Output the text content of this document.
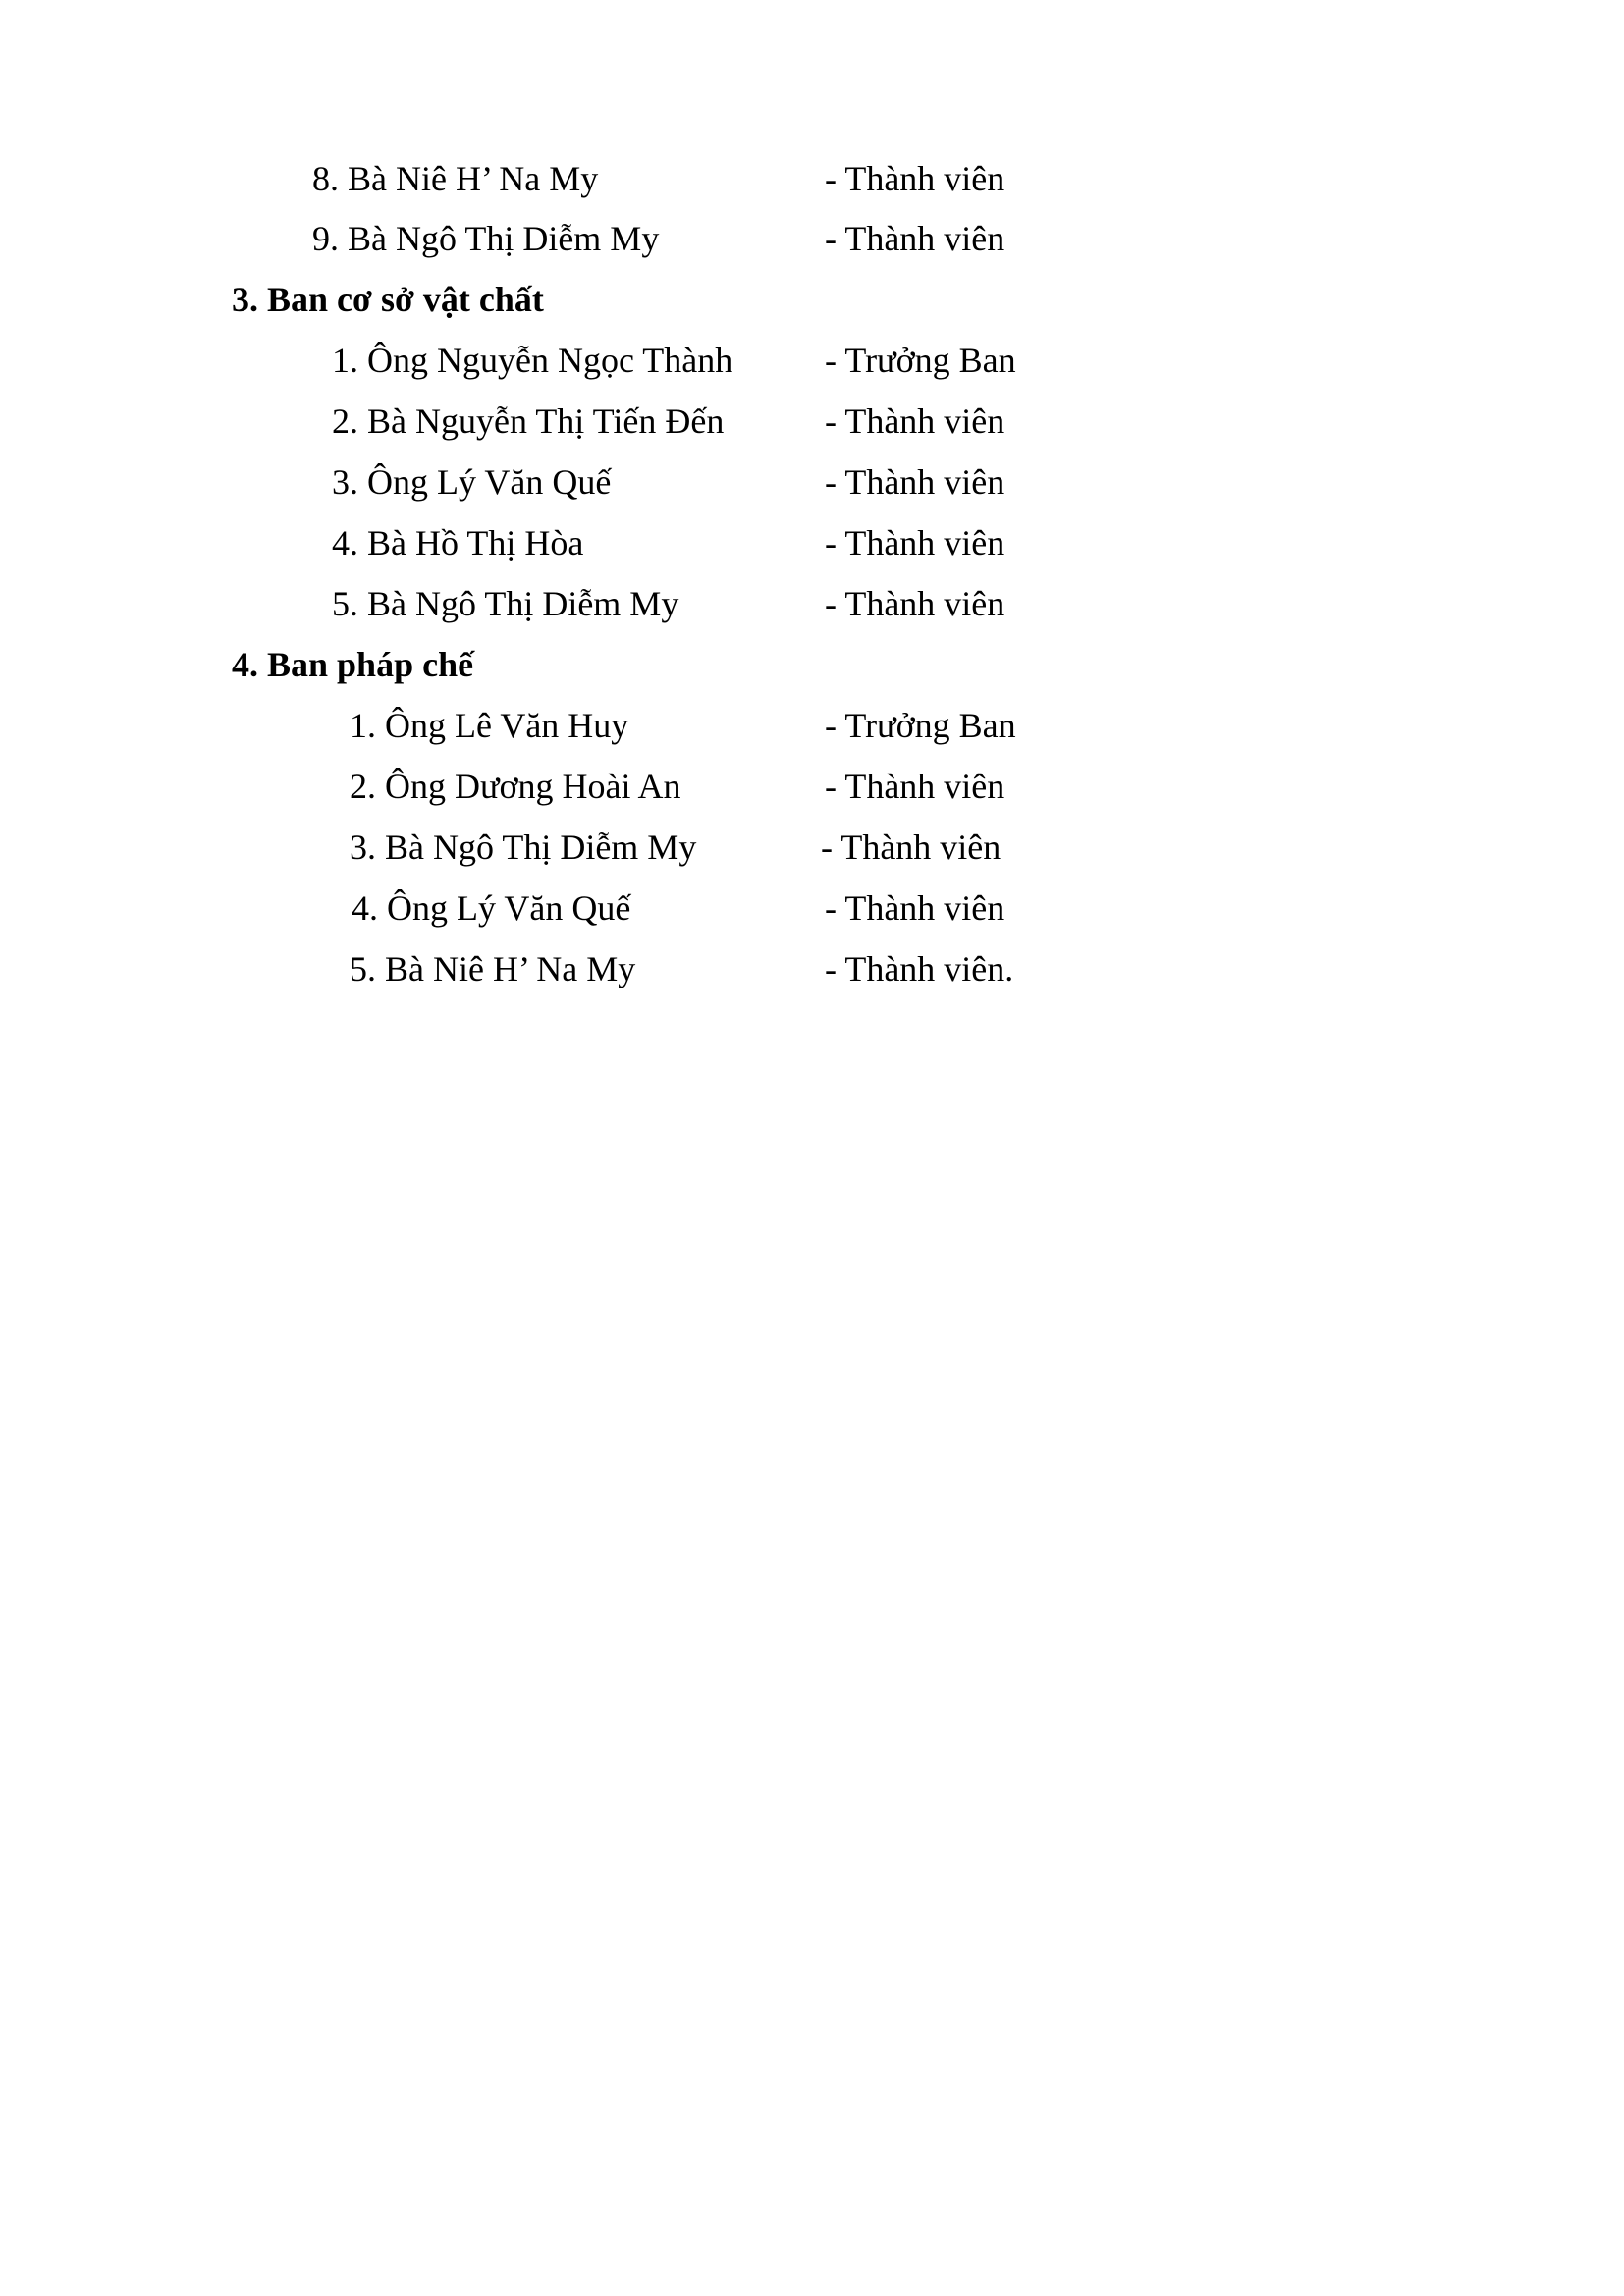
8. Bà Niê H’ Na My	- Thành viên
9. Bà Ngô Thị Diễm My	- Thành viên
3. Ban cơ sở vật chất
1. Ông Nguyễn Ngọc Thành	- Trưởng Ban
2. Bà Nguyễn Thị Tiến Đến	- Thành viên
3. Ông Lý Văn Quế	- Thành viên
4. Bà Hồ Thị Hòa	- Thành viên
5. Bà Ngô Thị Diễm My	- Thành viên
4. Ban pháp chế
1. Ông Lê Văn Huy	- Trưởng Ban
2. Ông Dương Hoài An	- Thành viên
3. Bà Ngô Thị Diễm My	- Thành viên
4. Ông Lý Văn Quế	- Thành viên
5. Bà Niê H’ Na My	- Thành viên.
